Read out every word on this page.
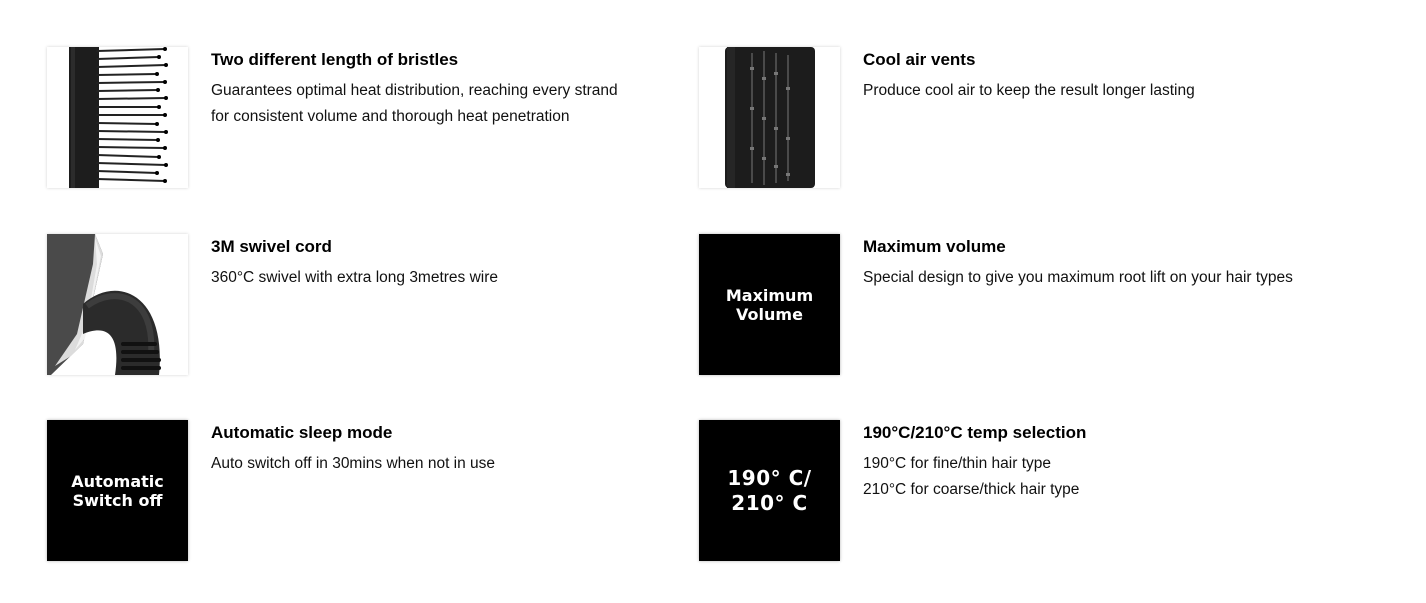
Two different length of bristles
Guarantees optimal heat distribution, reaching every strand
for consistent volume and thorough heat penetration
Cool air vents
Produce cool air to keep the result longer lasting
3M swivel cord
360°C swivel with extra long 3metres wire
Maximum
Volume
Maximum volume
Special design to give you maximum root lift on your hair types
Automatic
Switch off
Automatic sleep mode
Auto switch off in 30mins when not in use
190° C/
210° C
190°C/210°C temp selection
190°C for fine/thin hair type
210°C for coarse/thick hair type
